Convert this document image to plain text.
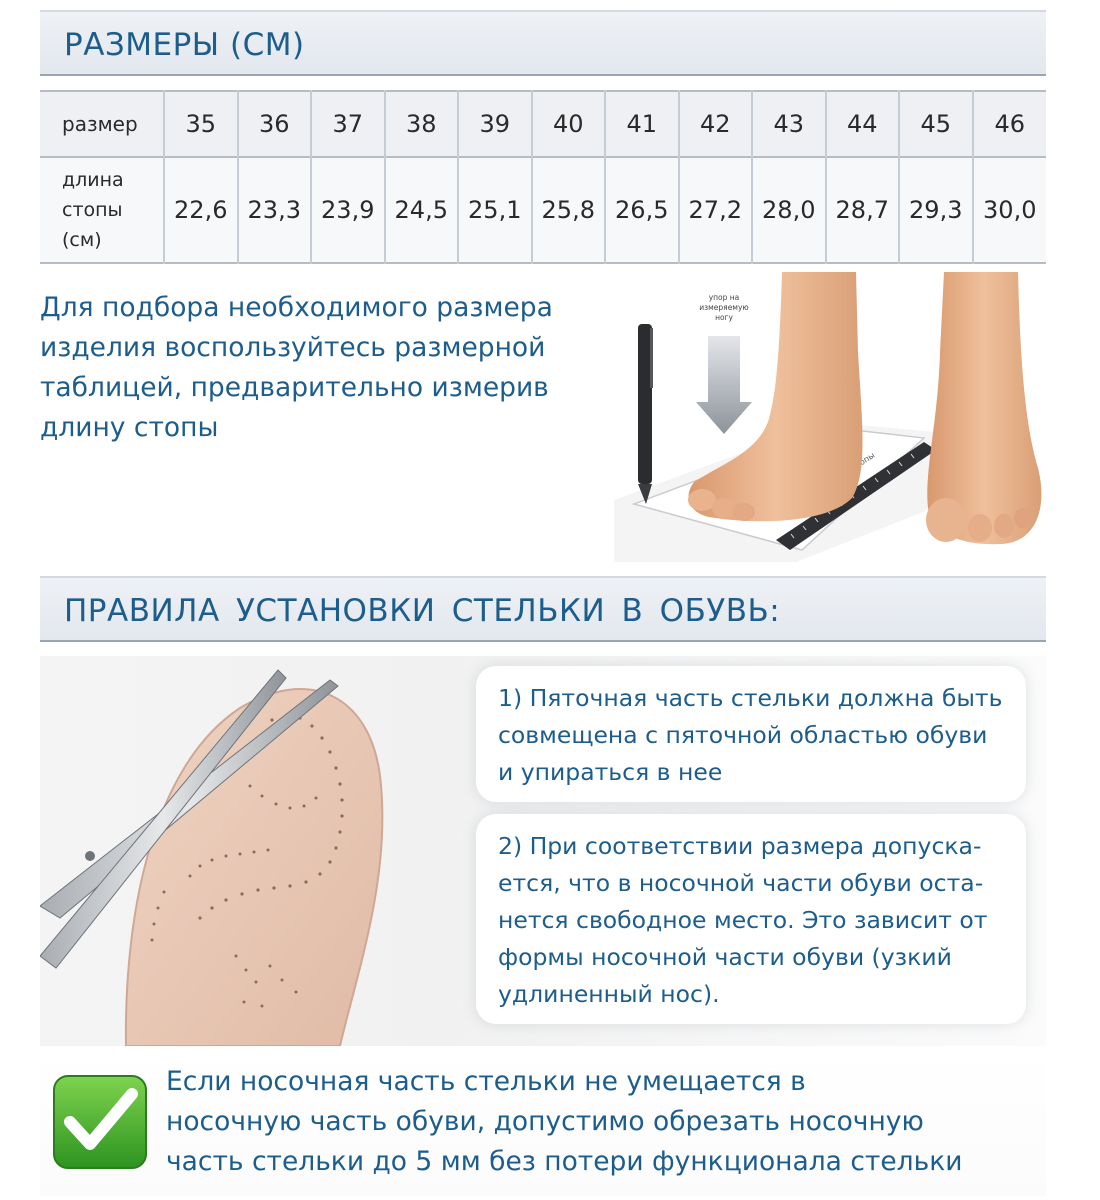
РАЗМЕРЫ (СМ)
размер	35	36	37	38	39	40	41	42	43	44	45	46
длина
стопы
(см)	22,6	23,3	23,9	24,5	25,1	25,8	26,5	27,2	28,0	28,7	29,3	30,0

Для подбора необходимого размера
изделия воспользуйтесь размерной
таблицей, предварительно измерив
длину стопы

стопы
упор на
измеряемую
ногу
ПРАВИЛА УСТАНОВКИ СТЕЛЬКИ В ОБУВЬ:

1) Пяточная часть стельки должна быть
совмещена с пяточной областью обуви
и упираться в нее

2) При соответствии размера допуска-
ется, что в носочной части обуви оста-
нется свободное место. Это зависит от
формы носочной части обуви (узкий
удлиненный нос).

Если носочная часть стельки не умещается в
носочную часть обуви, допустимо обрезать носочную
часть стельки до 5 мм без потери функционала стельки
